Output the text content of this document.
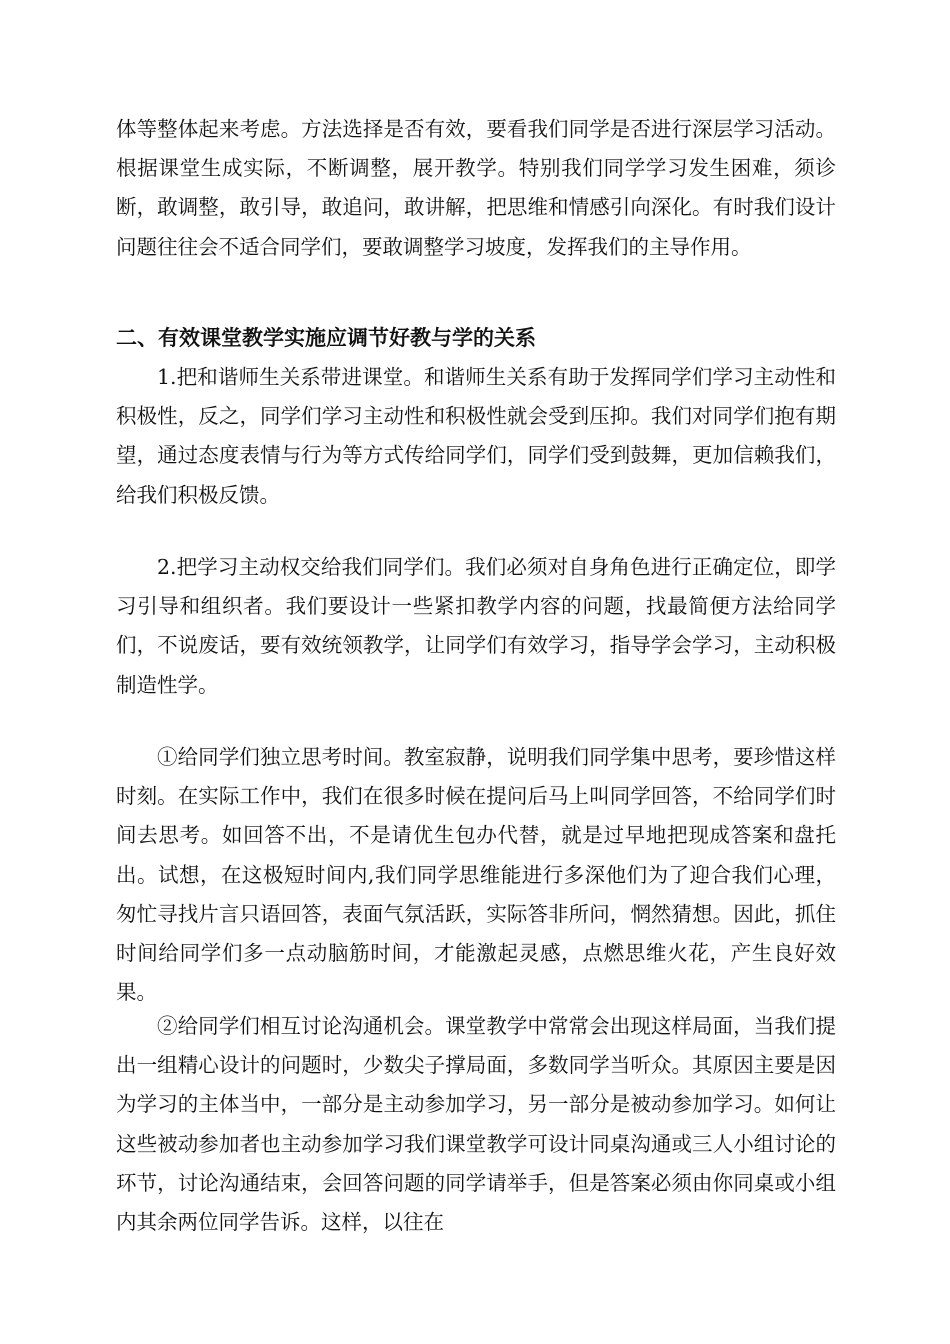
体等整体起来考虑。方法选择是否有效，要看我们同学是否进行深层学习活动。根据课堂生成实际，不断调整，展开教学。特别我们同学学习发生困难，须诊断，敢调整，敢引导，敢追问，敢讲解，把思维和情感引向深化。有时我们设计问题往往会不适合同学们，要敢调整学习坡度，发挥我们的主导作用。
二、有效课堂教学实施应调节好教与学的关系
1.把和谐师生关系带进课堂。和谐师生关系有助于发挥同学们学习主动性和积极性，反之，同学们学习主动性和积极性就会受到压抑。我们对同学们抱有期望，通过态度表情与行为等方式传给同学们，同学们受到鼓舞，更加信赖我们，给我们积极反馈。
2.把学习主动权交给我们同学们。我们必须对自身角色进行正确定位，即学习引导和组织者。我们要设计一些紧扣教学内容的问题，找最简便方法给同学们，不说废话，要有效统领教学，让同学们有效学习，指导学会学习，主动积极制造性学。
①给同学们独立思考时间。教室寂静，说明我们同学集中思考，要珍惜这样时刻。在实际工作中，我们在很多时候在提问后马上叫同学回答，不给同学们时间去思考。如回答不出，不是请优生包办代替，就是过早地把现成答案和盘托出。试想，在这极短时间内,我们同学思维能进行多深他们为了迎合我们心理，匆忙寻找片言只语回答，表面气氛活跃，实际答非所问，惘然猜想。因此，抓住时间给同学们多一点动脑筋时间，才能激起灵感，点燃思维火花，产生良好效果。
②给同学们相互讨论沟通机会。课堂教学中常常会出现这样局面，当我们提出一组精心设计的问题时，少数尖子撑局面，多数同学当听众。其原因主要是因为学习的主体当中，一部分是主动参加学习，另一部分是被动参加学习。如何让这些被动参加者也主动参加学习我们课堂教学可设计同桌沟通或三人小组讨论的环节，讨论沟通结束，会回答问题的同学请举手，但是答案必须由你同桌或小组内其余两位同学告诉。这样，以往在
